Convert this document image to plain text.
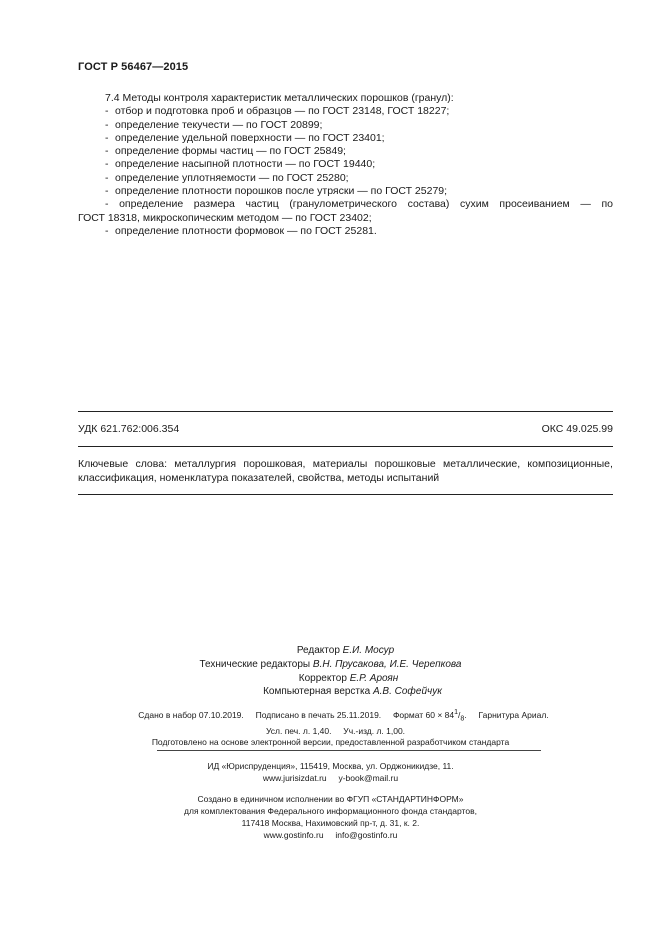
ГОСТ Р 56467—2015
7.4 Методы контроля характеристик металлических порошков (гранул):
- отбор и подготовка проб и образцов — по ГОСТ 23148, ГОСТ 18227;
- определение текучести — по ГОСТ 20899;
- определение удельной поверхности — по ГОСТ 23401;
- определение формы частиц — по ГОСТ 25849;
- определение насыпной плотности — по ГОСТ 19440;
- определение уплотняемости — по ГОСТ 25280;
- определение плотности порошков после утряски — по ГОСТ 25279;
- определение размера частиц (гранулометрического состава) сухим просеиванием — по
ГОСТ 18318, микроскопическим методом — по ГОСТ 23402;
- определение плотности формовок — по ГОСТ 25281.
УДК 621.762:006.354	ОКС 49.025.99
Ключевые слова: металлургия порошковая, материалы порошковые металлические, композиционные,
классификация, номенклатура показателей, свойства, методы испытаний
Редактор Е.И. Мосур
Технические редакторы В.Н. Прусакова, И.Е. Черепкова
Корректор Е.Р. Ароян
Компьютерная верстка А.В. Софейчук
Сдано в набор 07.10.2019.     Подписано в печать 25.11.2019.     Формат $60 \times 84^1/_8$.     Гарнитура Ариал.
Усл. печ. л. 1,40.     Уч.-изд. л. 1,00.
Подготовлено на основе электронной версии, предоставленной разработчиком стандарта
ИД «Юриспруденция», 115419, Москва, ул. Орджоникидзе, 11.
www.jurisizdat.ru     y-book@mail.ru
Создано в единичном исполнении во ФГУП «СТАНДАРТИНФОРМ»
для комплектования Федерального информационного фонда стандартов,
117418 Москва, Нахимовский пр-т, д. 31, к. 2.
www.gostinfo.ru     info@gostinfo.ru
